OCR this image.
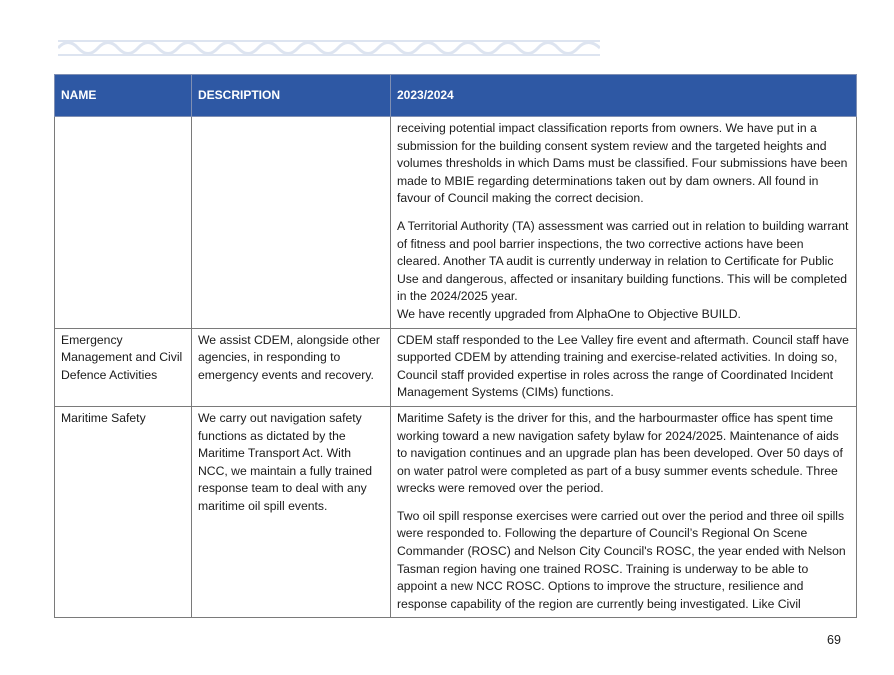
NAME	DESCRIPTION	2023/2024

		receiving potential impact classification reports from owners. We have put in a submission for the building consent system review and the targeted heights and volumes thresholds in which Dams must be classified. Four submissions have been made to MBIE regarding determinations taken out by dam owners. All found in favour of Council making the correct decision.

A Territorial Authority (TA) assessment was carried out in relation to building warrant of fitness and pool barrier inspections, the two corrective actions have been cleared. Another TA audit is currently underway in relation to Certificate for Public Use and dangerous, affected or insanitary building functions. This will be completed in the 2024/2025 year.

We have recently upgraded from AlphaOne to Objective BUILD.

Emergency Management and Civil Defence Activities	We assist CDEM, alongside other agencies, in responding to emergency events and recovery.	CDEM staff responded to the Lee Valley fire event and aftermath. Council staff have supported CDEM by attending training and exercise-related activities. In doing so, Council staff provided expertise in roles across the range of Coordinated Incident Management Systems (CIMs) functions.

Maritime Safety	We carry out navigation safety functions as dictated by the Maritime Transport Act. With NCC, we maintain a fully trained response team to deal with any maritime oil spill events.	Maritime Safety is the driver for this, and the harbourmaster office has spent time working toward a new navigation safety bylaw for 2024/2025. Maintenance of aids to navigation continues and an upgrade plan has been developed. Over 50 days of on water patrol were completed as part of a busy summer events schedule. Three wrecks were removed over the period.

Two oil spill response exercises were carried out over the period and three oil spills were responded to. Following the departure of Council’s Regional On Scene Commander (ROSC) and Nelson City Council's ROSC, the year ended with Nelson Tasman region having one trained ROSC. Training is underway to be able to appoint a new NCC ROSC. Options to improve the structure, resilience and response capability of the region are currently being investigated. Like Civil

69
